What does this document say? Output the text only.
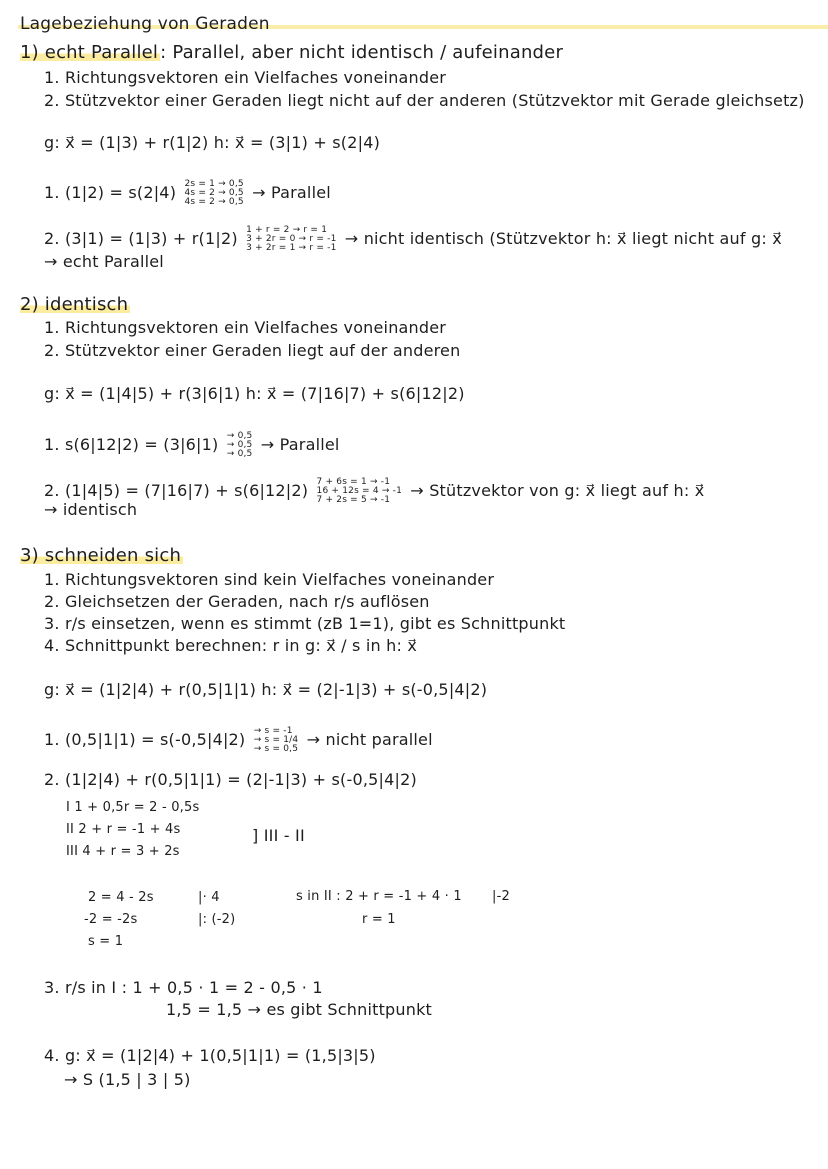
Lagebeziehung von Geraden
1) echt Parallel : Parallel, aber nicht identisch / aufeinander
1. Richtungsvektoren ein Vielfaches voneinander
2. Stützvektor einer Geraden liegt nicht auf der anderen (Stützvektor mit Gerade gleichsetz)
g: x⃗ = (1|3) + r(1|2) h: x⃗ = (3|1) + s(2|4)
1. (1|2) = s(2|4) 2s = 1 → 0,5
4s = 2 → 0,5
4s = 2 → 0,5 → Parallel
2. (3|1) = (1|3) + r(1|2) 1 + r = 2 → r = 1
3 + 2r = 0 → r = -1
3 + 2r = 1 → r = -1 → nicht identisch (Stützvektor h: x⃗ liegt nicht auf g: x⃗
→ echt Parallel
2) identisch
1. Richtungsvektoren ein Vielfaches voneinander
2. Stützvektor einer Geraden liegt auf der anderen
g: x⃗ = (1|4|5) + r(3|6|1) h: x⃗ = (7|16|7) + s(6|12|2)
1. s(6|12|2) = (3|6|1) → 0,5
→ 0,5
→ 0,5 → Parallel
2. (1|4|5) = (7|16|7) + s(6|12|2) 7 + 6s = 1 → -1
16 + 12s = 4 → -1
7 + 2s = 5 → -1	→ Stützvektor von g: x⃗ liegt auf h: x⃗
→ identisch
3) schneiden sich
1. Richtungsvektoren sind kein Vielfaches voneinander
2. Gleichsetzen der Geraden, nach r/s auflösen
3. r/s einsetzen, wenn es stimmt (zB 1=1), gibt es Schnittpunkt
4. Schnittpunkt berechnen: r in g: x⃗ / s in h: x⃗
g: x⃗ = (1|2|4) + r(0,5|1|1) h: x⃗ = (2|-1|3) + s(-0,5|4|2)
1. (0,5|1|1) = s(-0,5|4|2) → s = -1
→ s = 1/4
→ s = 0,5 → nicht parallel
2. (1|2|4) + r(0,5|1|1) = (2|-1|3) + s(-0,5|4|2)
I 1 + 0,5r = 2 - 0,5s
II 2 + r = -1 + 4s
III 4 + r = 3 + 2s
] III - II
2 = 4 - 2s	|· 4
-2 = -2s	|: (-2)
s = 1
s in II : 2 + r = -1 + 4 · 1 |-2
r = 1
3. r/s in I : 1 + 0,5 · 1 = 2 - 0,5 · 1
1,5 = 1,5 → es gibt Schnittpunkt
4. g: x⃗ = (1|2|4) + 1(0,5|1|1) = (1,5|3|5)
→ S (1,5 | 3 | 5)
